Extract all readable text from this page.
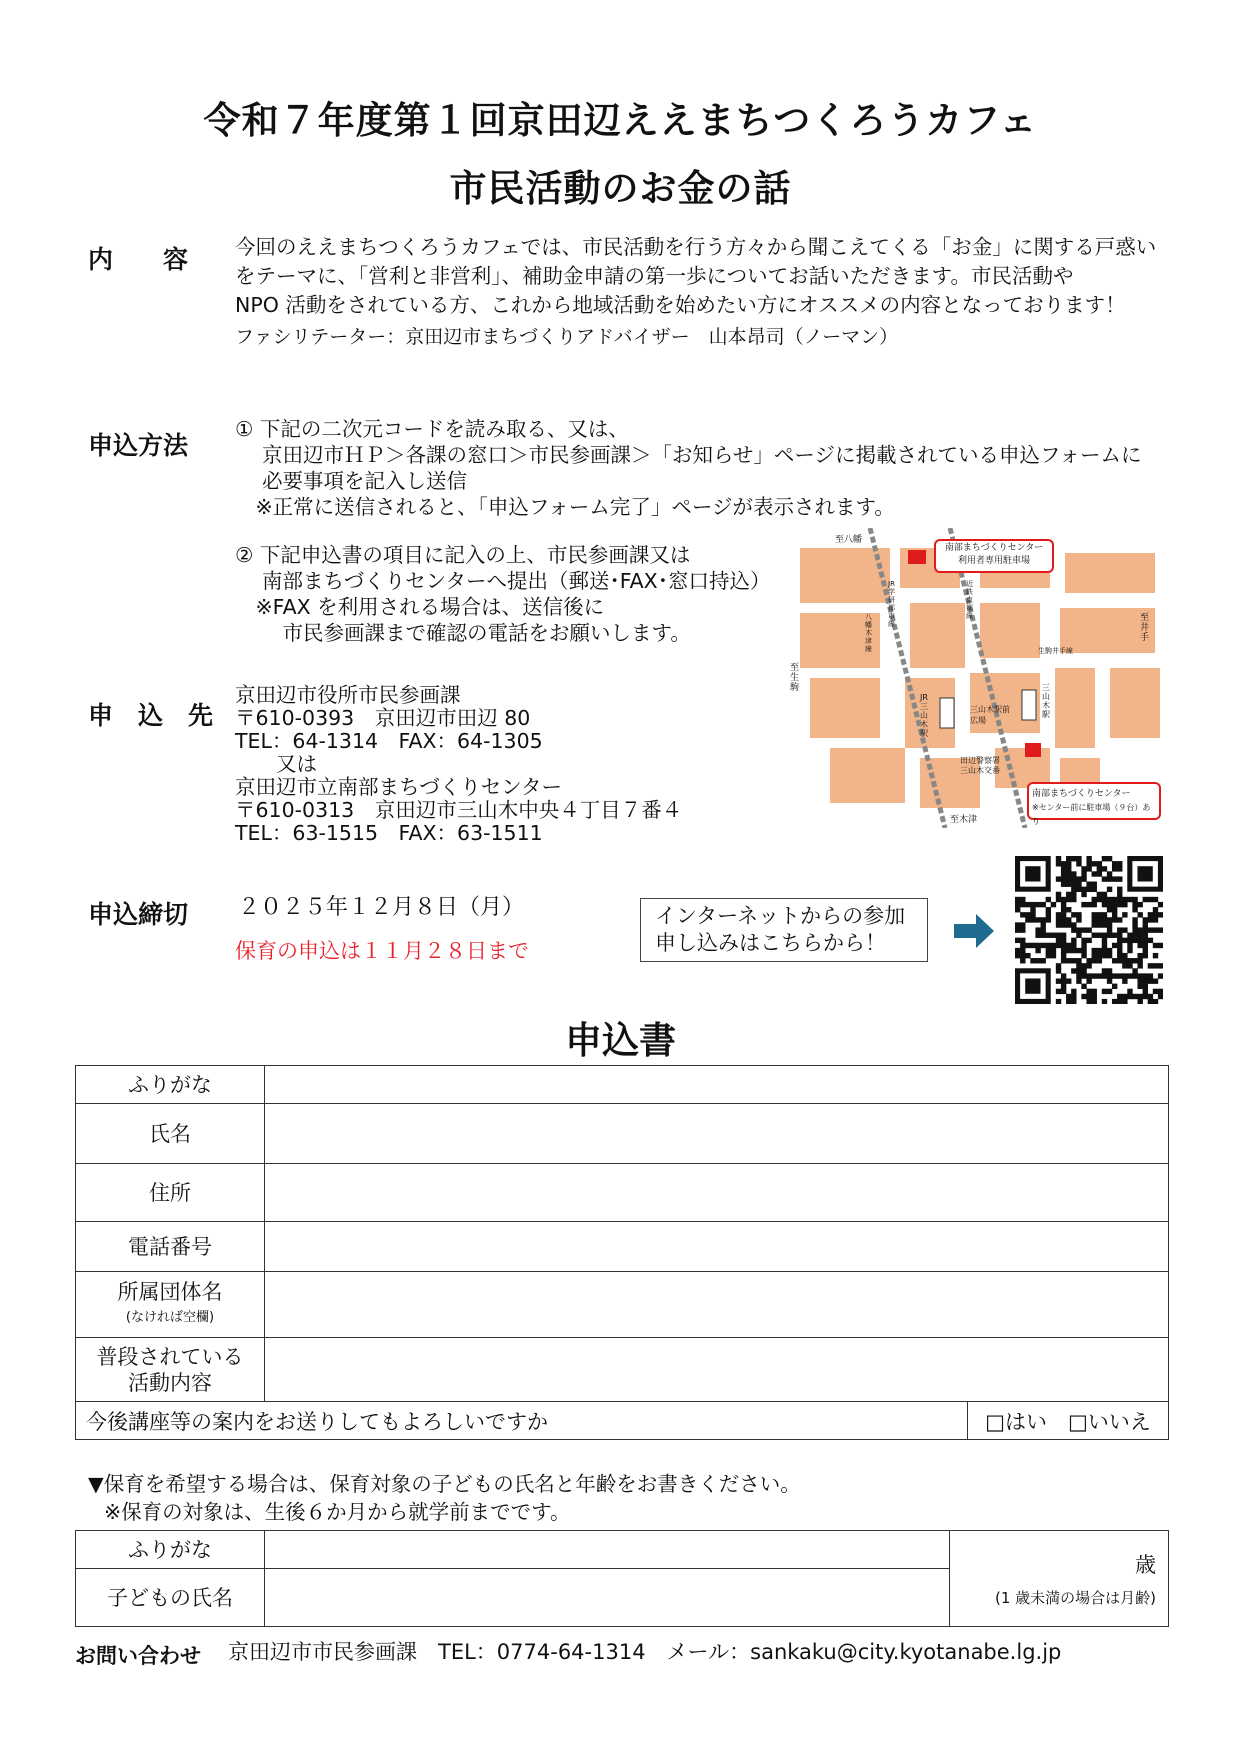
令和７年度第１回京田辺ええまちつくろうカフェ
市民活動のお金の話
内　　容 今回のええまちつくろうカフェでは、市民活動を行う方々から聞こえてくる「お金」に関する戸惑い
をテーマに、「営利と非営利」、補助金申請の第一歩についてお話いただきます。市民活動や
NPO 活動をされている方、これから地域活動を始めたい方にオススメの内容となっております！
ファシリテーター：京田辺市まちづくりアドバイザー　山本昂司（ノーマン）
申込方法
① 下記の二次元コードを読み取る、又は、
　 京田辺市ＨＰ＞各課の窓口＞市民参画課＞「お知らせ」ページに掲載されている申込フォームに
　 必要事項を記入し送信
　※正常に送信されると、「申込フォーム完了」ページが表示されます。
② 下記申込書の項目に記入の上、市民参画課又は
　 南部まちづくりセンターへ提出（郵送･FAX･窓口持込）
　※FAX を利用される場合は、送信後に
　　 市民参画課まで確認の電話をお願いします。
南部まちづくりセンター
利用者専用駐車場
南部まちづくりセンター
※センター前に駐車場（９台）あり
至八幡
至井手
至生駒
至木津
三山木駅前広場
田辺警察署三山木交番
JR三山木駅
三山木駅
八幡木津線	生駒井手線
JR学研都市線
近鉄京都線
申　込　先
京田辺市役所市民参画課
〒610-0393　京田辺市田辺 80
TEL：64-1314　FAX：64-1305
　　又は
京田辺市立南部まちづくりセンター
〒610-0313　京田辺市三山木中央４丁目７番４
TEL：63-1515　FAX：63-1511
申込締切 ２０２５年１２月８日（月）
保育の申込は１１月２８日まで
インターネットからの参加
申し込みはこちらから！
申込書
ふりがな		
氏名		
住所		
電話番号		

所属団体名
(なければ空欄)		

普段されている
活動内容		

今後講座等の案内をお送りしてもよろしいですか		□はい　□いいえ
▼保育を希望する場合は、保育対象の子どもの氏名と年齢をお書きください。
※保育の対象は、生後６か月から就学前までです。
ふりがな		歳
(1 歳未満の場合は月齢)

子どもの氏名		
お問い合わせ 京田辺市市民参画課　TEL：0774-64-1314　メール：sankaku@city.kyotanabe.lg.jp
